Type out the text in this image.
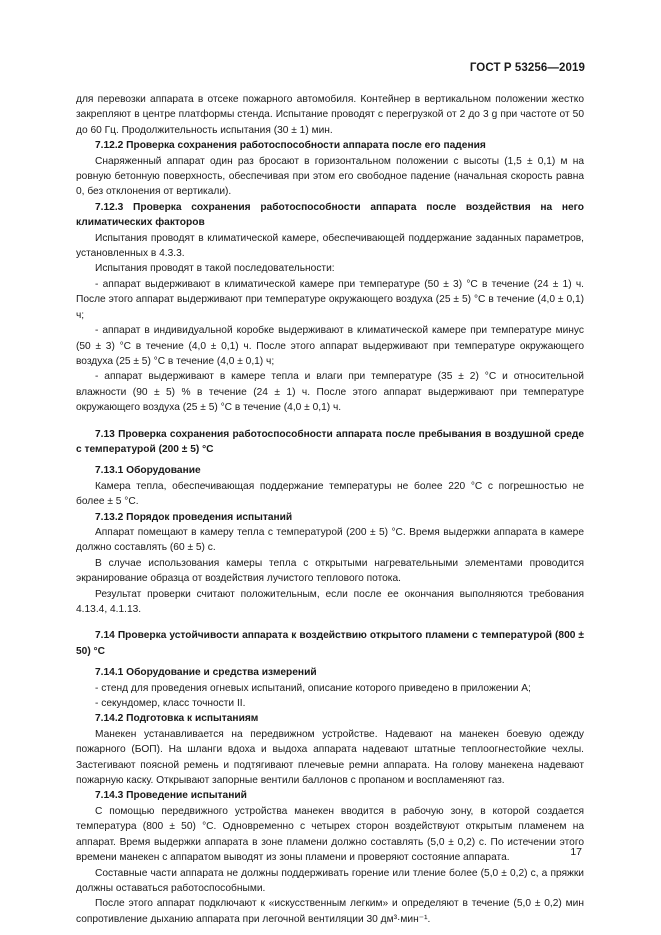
ГОСТ Р 53256—2019

для перевозки аппарата в отсеке пожарного автомобиля. Контейнер в вертикальном положении жестко закрепляют в центре платформы стенда. Испытание проводят с перегрузкой от 2 до 3 g при частоте от 50 до 60 Гц. Продолжительность испытания (30 ± 1) мин.

7.12.2 Проверка сохранения работоспособности аппарата после его падения

Снаряженный аппарат один раз бросают в горизонтальном положении с высоты (1,5 ± 0,1) м на ровную бетонную поверхность, обеспечивая при этом его свободное падение (начальная скорость равна 0, без отклонения от вертикали).

7.12.3 Проверка сохранения работоспособности аппарата после воздействия на него климатических факторов

Испытания проводят в климатической камере, обеспечивающей поддержание заданных параметров, установленных в 4.3.3.

Испытания проводят в такой последовательности:

- аппарат выдерживают в климатической камере при температуре (50 ± 3) °С в течение (24 ± 1) ч. После этого аппарат выдерживают при температуре окружающего воздуха (25 ± 5) °С в течение (4,0 ± 0,1) ч;

- аппарат в индивидуальной коробке выдерживают в климатической камере при температуре минус (50 ± 3) °С в течение (4,0 ± 0,1) ч. После этого аппарат выдерживают при температуре окружающего воздуха (25 ± 5) °С в течение (4,0 ± 0,1) ч;

- аппарат выдерживают в камере тепла и влаги при температуре (35 ± 2) °С и относительной влажности (90 ± 5) % в течение (24 ± 1) ч. После этого аппарат выдерживают при температуре окружающего воздуха (25 ± 5) °С в течение (4,0 ± 0,1) ч.

7.13 Проверка сохранения работоспособности аппарата после пребывания в воздушной среде с температурой (200 ± 5) °С

7.13.1 Оборудование

Камера тепла, обеспечивающая поддержание температуры не более 220 °С с погрешностью не более ± 5 °С.

7.13.2 Порядок проведения испытаний

Аппарат помещают в камеру тепла с температурой (200 ± 5) °С. Время выдержки аппарата в камере должно составлять (60 ± 5) с.

В случае использования камеры тепла с открытыми нагревательными элементами проводится экранирование образца от воздействия лучистого теплового потока.

Результат проверки считают положительным, если после ее окончания выполняются требования 4.13.4, 4.1.13.

7.14 Проверка устойчивости аппарата к воздействию открытого пламени с температурой (800 ± 50) °С

7.14.1 Оборудование и средства измерений

- стенд для проведения огневых испытаний, описание которого приведено в приложении А;

- секундомер, класс точности II.

7.14.2 Подготовка к испытаниям

Манекен устанавливается на передвижном устройстве. Надевают на манекен боевую одежду пожарного (БОП). На шланги вдоха и выдоха аппарата надевают штатные теплоогнестойкие чехлы. Застегивают поясной ремень и подтягивают плечевые ремни аппарата. На голову манекена надевают пожарную каску. Открывают запорные вентили баллонов с пропаном и воспламеняют газ.

7.14.3 Проведение испытаний

С помощью передвижного устройства манекен вводится в рабочую зону, в которой создается температура (800 ± 50) °С. Одновременно с четырех сторон воздействуют открытым пламенем на аппарат. Время выдержки аппарата в зоне пламени должно составлять (5,0 ± 0,2) с. По истечении этого времени манекен с аппаратом выводят из зоны пламени и проверяют состояние аппарата.

Составные части аппарата не должны поддерживать горение или тление более (5,0 ± 0,2) с, а пряжки должны оставаться работоспособными.

После этого аппарат подключают к «искусственным легким» и определяют в течение (5,0 ± 0,2) мин сопротивление дыханию аппарата при легочной вентиляции 30 дм³·мин⁻¹.

17
